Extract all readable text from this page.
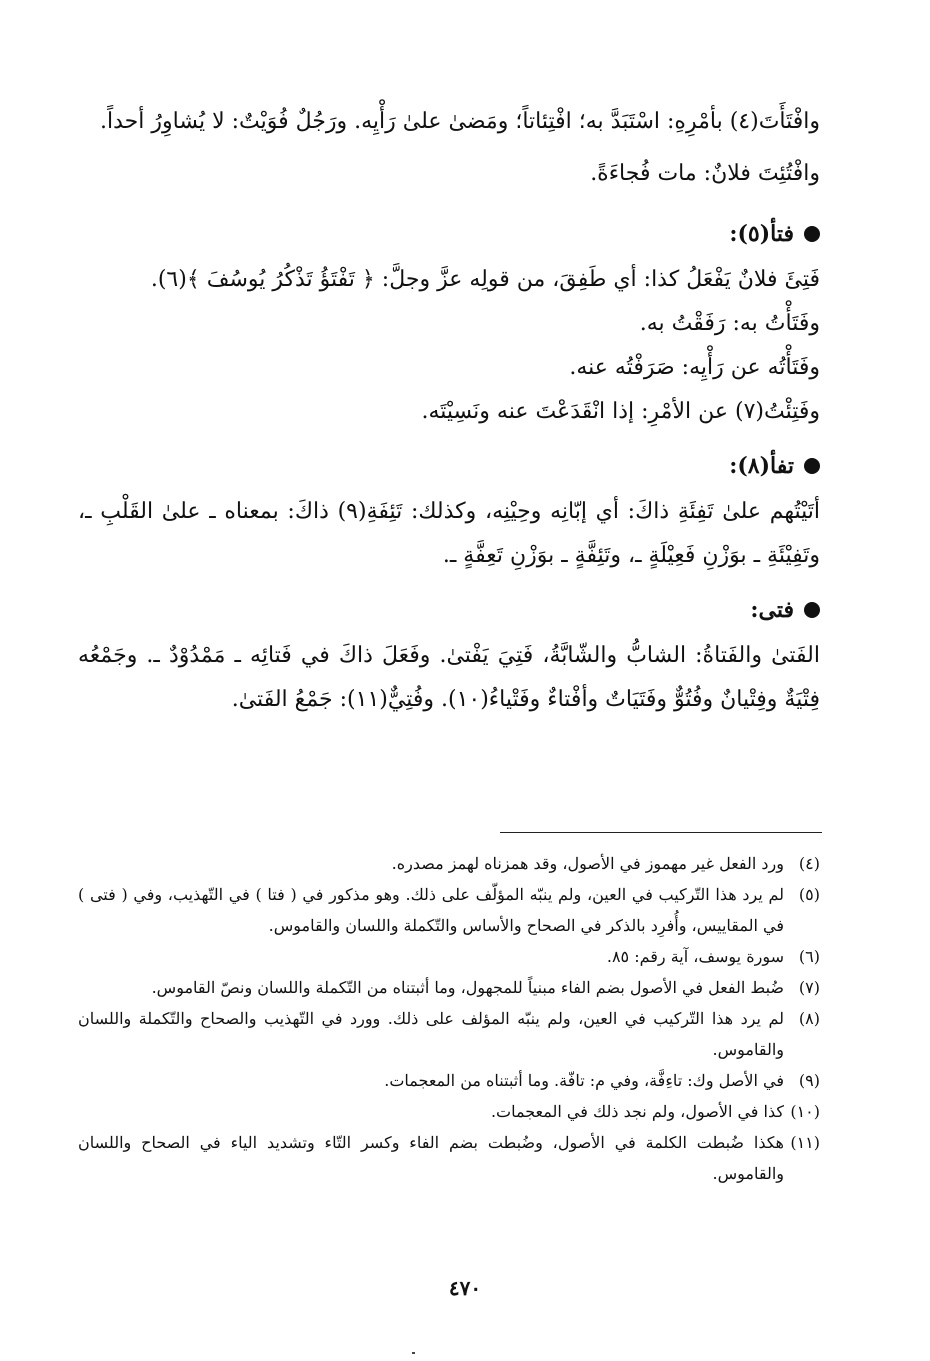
وافْتَأَتَ(٤) بأمْرِهِ: اسْتَبَدَّ به؛ افْتِئاتاً؛ ومَضىٰ علىٰ رَأْيِه. ورَجُلٌ فُوَيْتٌ: لا يُشاوِرُ أحداً.

وافْتُئِتَ فلانٌ: مات فُجاءَةً.

فتأ(٥):

فَتِئَ فلانٌ يَفْعَلُ كذا: أي طَفِقَ، من قولِه عزَّ وجلَّ: ﴿ تَفْتَؤُ تَذْكُرُ يُوسُفَ ﴾(٦).

وفَتَأْتُ به: رَفَقْتُ به.

وفَتَأْتُه عن رَأْيِه: صَرَفْتُه عنه.

وفَتِئْتُ(٧) عن الأمْرِ: إذا انْقَدَعْتَ عنه ونَسِيْتَه.

تفأ(٨):

أتَيْتُهم علىٰ تَفِئَةِ ذاكَ: أي إبّانِه وحِيْنِه، وكذلك: تَئِفَةِ(٩) ذاكَ: بمعناه ـ علىٰ القَلْبِ ـ، وتَفِيْئَةِ ـ بوَزْنِ فَعِيْلَةٍ ـ، وتَئِفَّةٍ ـ بوَزْنِ تَعِفَّةٍ ـ.

فتى:

الفَتىٰ والفَتاةُ: الشابُّ والشّابَّةُ، فَتِيَ يَفْتىٰ. وفَعَلَ ذاكَ في فَتائِه ـ مَمْدُوْدٌ ـ. وجَمْعُه فِتْيَةٌ وفِتْيانٌ وفُتُوٌّ وفَتَيَاتٌ وأفْتاءٌ وفَتْياءُ(١٠). وفُتِيٌّ(١١): جَمْعُ الفَتىٰ.

(٤)
ورد الفعل غير مهموز في الأصول، وقد همزناه لهمز مصدره.
(٥)
لم يرد هذا التّركيب في العين، ولم ينبّه المؤلّف على ذلك. وهو مذكور في ( فتا ) في التّهذيب، وفي ( فتى ) في المقاييس، وأُفرِد بالذكر في الصحاح والأساس والتّكملة واللسان والقاموس.
(٦)
سورة يوسف، آية رقم: ٨٥.
(٧)
ضُبط الفعل في الأصول بضم الفاء مبنياً للمجهول، وما أثبتناه من التّكملة واللسان ونصّ القاموس.
(٨)
لم يرد هذا التّركيب في العين، ولم ينبّه المؤلف على ذلك. وورد في التّهذيب والصحاح والتّكملة واللسان والقاموس.
(٩)
في الأصل وك: تاءِفَّة، وفي م: تافّة. وما أثبتناه من المعجمات.
(١٠)
كذا في الأصول، ولم نجد ذلك في المعجمات.
(١١)
هكذا ضُبطت الكلمة في الأصول، وضُبطت بضم الفاء وكسر التّاء وتشديد الياء في الصحاح واللسان والقاموس.
٤٧٠
